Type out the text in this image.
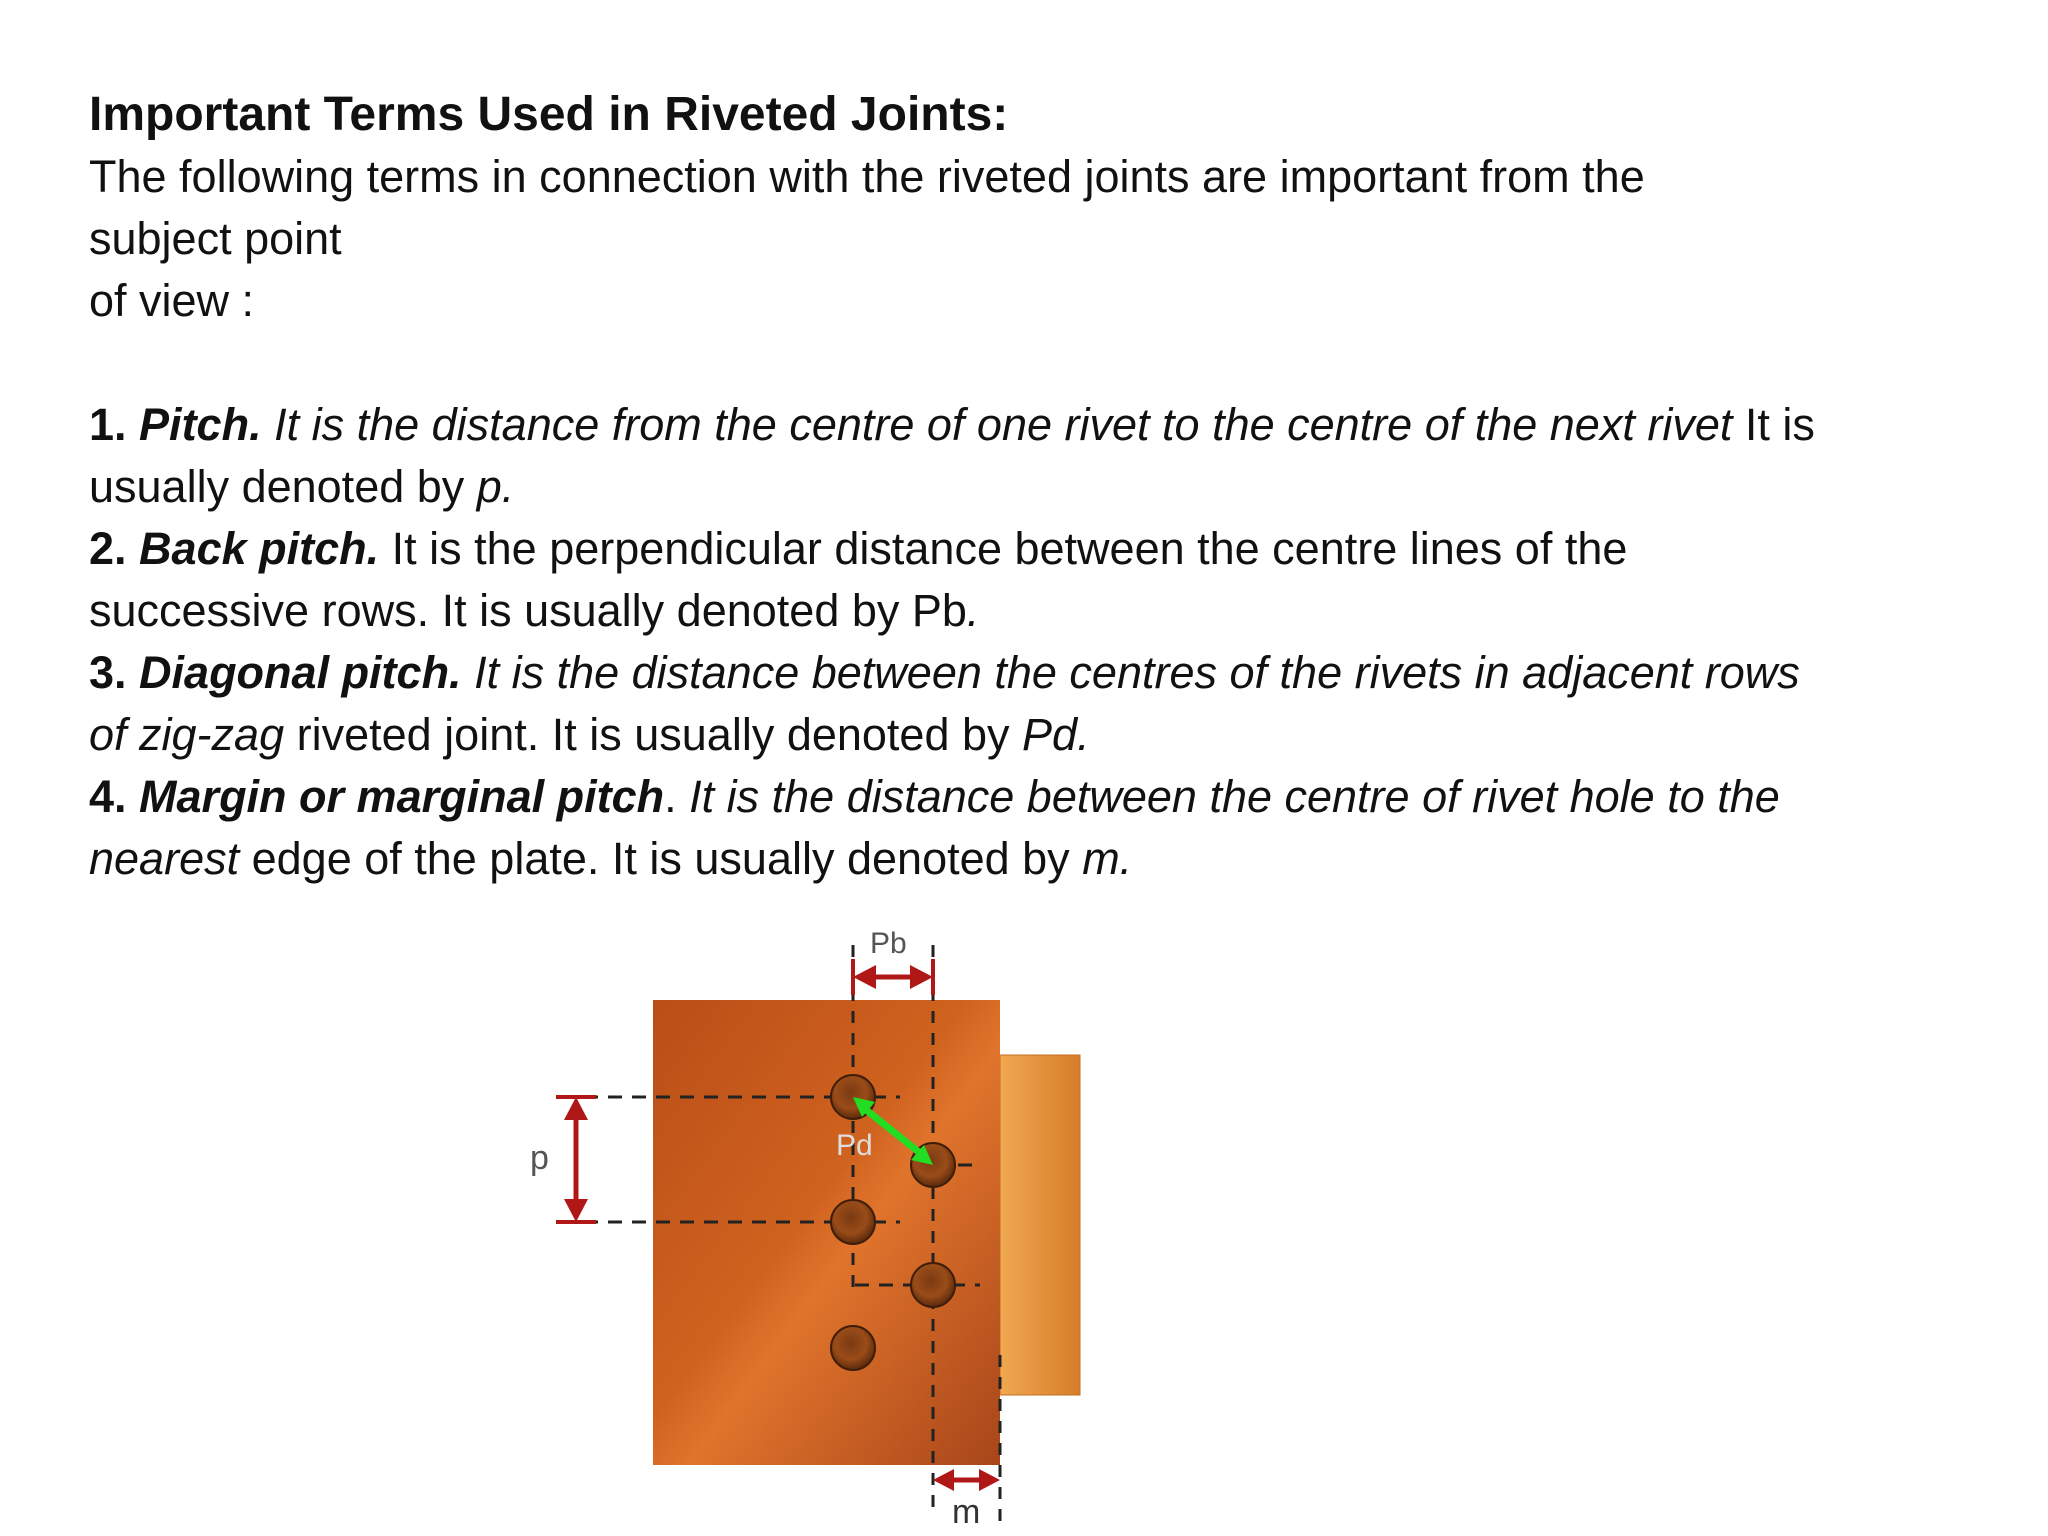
Important Terms Used in Riveted Joints:
The following terms in connection with the riveted joints are important from the
subject point
of view :
1. Pitch. It is the distance from the centre of one rivet to the centre of the next rivet It is
usually denoted by p.
2. Back pitch. It is the perpendicular distance between the centre lines of the
successive rows. It is usually denoted by Pb.
3. Diagonal pitch. It is the distance between the centres of the rivets in adjacent rows
of zig-zag riveted joint. It is usually denoted by Pd.
4. Margin or marginal pitch. It is the distance between the centre of rivet hole to the
nearest edge of the plate. It is usually denoted by m.
p
Pb
Pd
m
